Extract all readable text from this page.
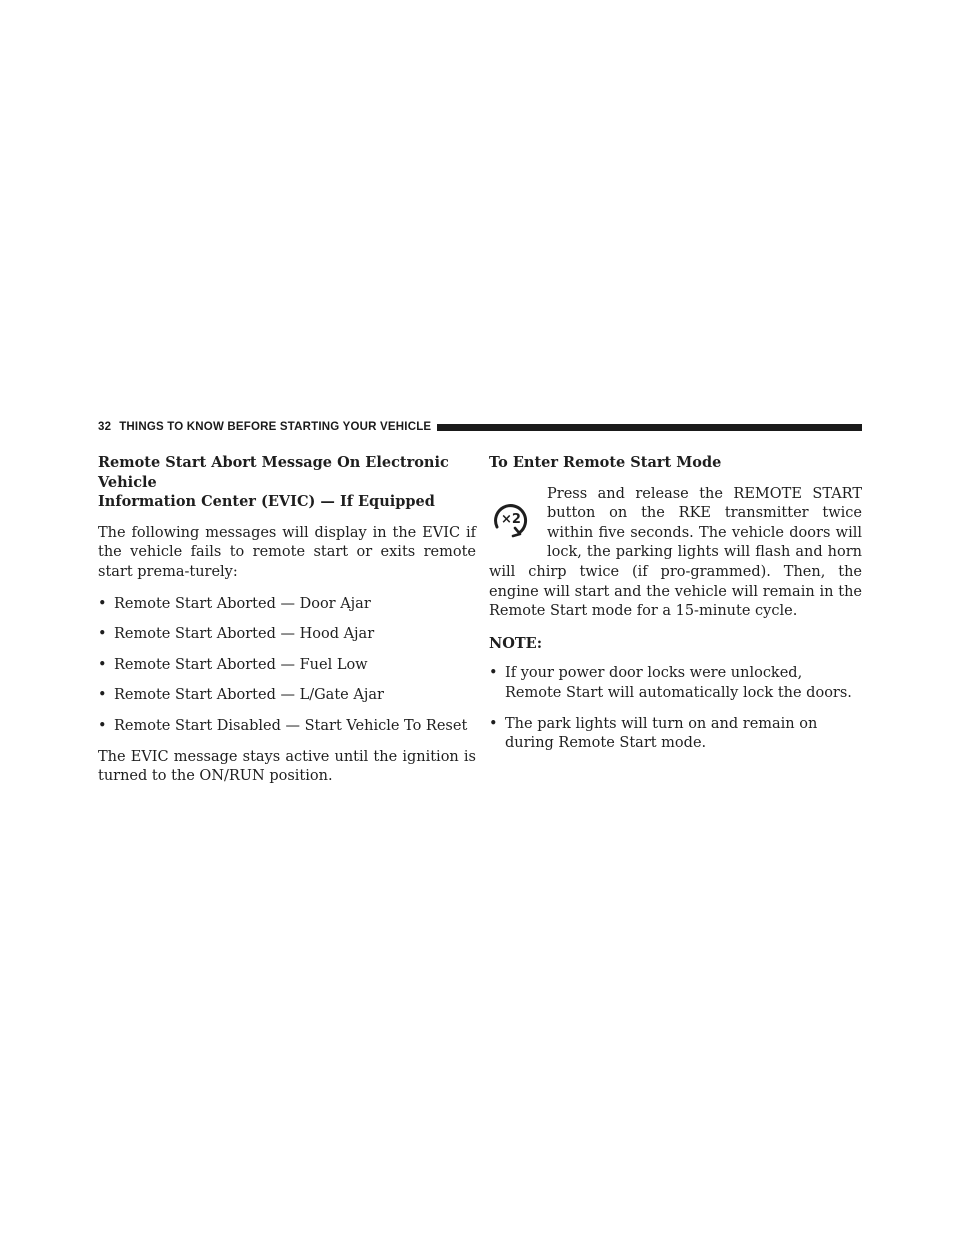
32 THINGS TO KNOW BEFORE STARTING YOUR VEHICLE
Remote Start Abort Message On Electronic Vehicle
Information Center (EVIC) — If Equipped

The following messages will display in the EVIC if the vehicle fails to remote start or exits remote start prema-turely:

• Remote Start Aborted — Door Ajar
• Remote Start Aborted — Hood Ajar
• Remote Start Aborted — Fuel Low
• Remote Start Aborted — L/Gate Ajar
• Remote Start Disabled — Start Vehicle To Reset

The EVIC message stays active until the ignition is turned to the ON/RUN position.

To Enter Remote Start Mode
×2

Press and release the REMOTE START button on the RKE transmitter twice within five seconds. The vehicle doors will lock, the parking lights will flash and horn will chirp twice (if pro-grammed). Then, the engine will start and the vehicle will remain in the Remote Start mode for a 15-minute cycle.

NOTE:
• If your power door locks were unlocked, Remote Start will automatically lock the doors.
• The park lights will turn on and remain on during Remote Start mode.
